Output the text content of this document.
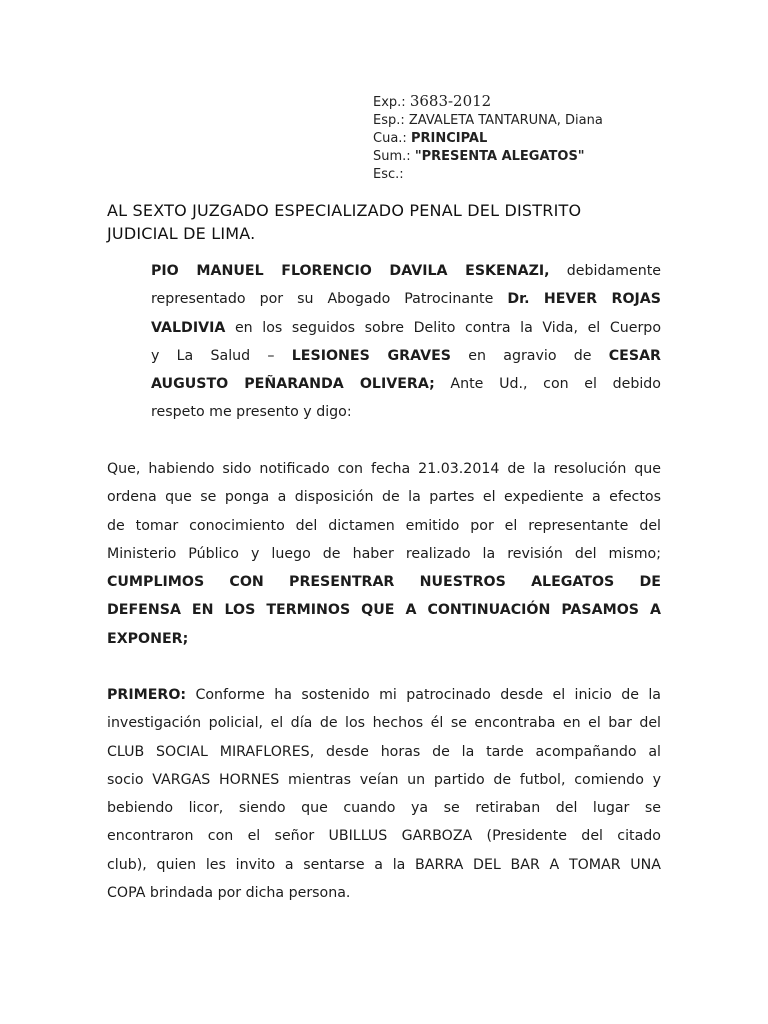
Exp.: 3683-2012
Esp.: ZAVALETA TANTARUNA, Diana
Cua.: PRINCIPAL
Sum.: "PRESENTA ALEGATOS"
Esc.:
AL SEXTO JUZGADO ESPECIALIZADO PENAL DEL DISTRITO
JUDICIAL DE LIMA.
PIO MANUEL FLORENCIO DAVILA ESKENAZI, debidamente
representado por su Abogado Patrocinante Dr. HEVER ROJAS
VALDIVIA en los seguidos sobre Delito contra la Vida, el Cuerpo
y La Salud – LESIONES GRAVES en agravio de CESAR
AUGUSTO PEÑARANDA OLIVERA; Ante Ud., con el debido
respeto me presento y digo:
Que, habiendo sido notificado con fecha 21.03.2014 de la resolución que
ordena que se ponga a disposición de la partes el expediente a efectos
de tomar conocimiento del dictamen emitido por el representante del
Ministerio Público y luego de haber realizado la revisión del mismo;
CUMPLIMOS CON PRESENTRAR NUESTROS ALEGATOS DE
DEFENSA EN LOS TERMINOS QUE A CONTINUACIÓN PASAMOS A
EXPONER;
PRIMERO: Conforme ha sostenido mi patrocinado desde el inicio de la
investigación policial, el día de los hechos él se encontraba en el bar del
CLUB SOCIAL MIRAFLORES, desde horas de la tarde acompañando al
socio VARGAS HORNES mientras veían un partido de futbol, comiendo y
bebiendo licor, siendo que cuando ya se retiraban del lugar se
encontraron con el señor UBILLUS GARBOZA (Presidente del citado
club), quien les invito a sentarse a la BARRA DEL BAR A TOMAR UNA
COPA brindada por dicha persona.
